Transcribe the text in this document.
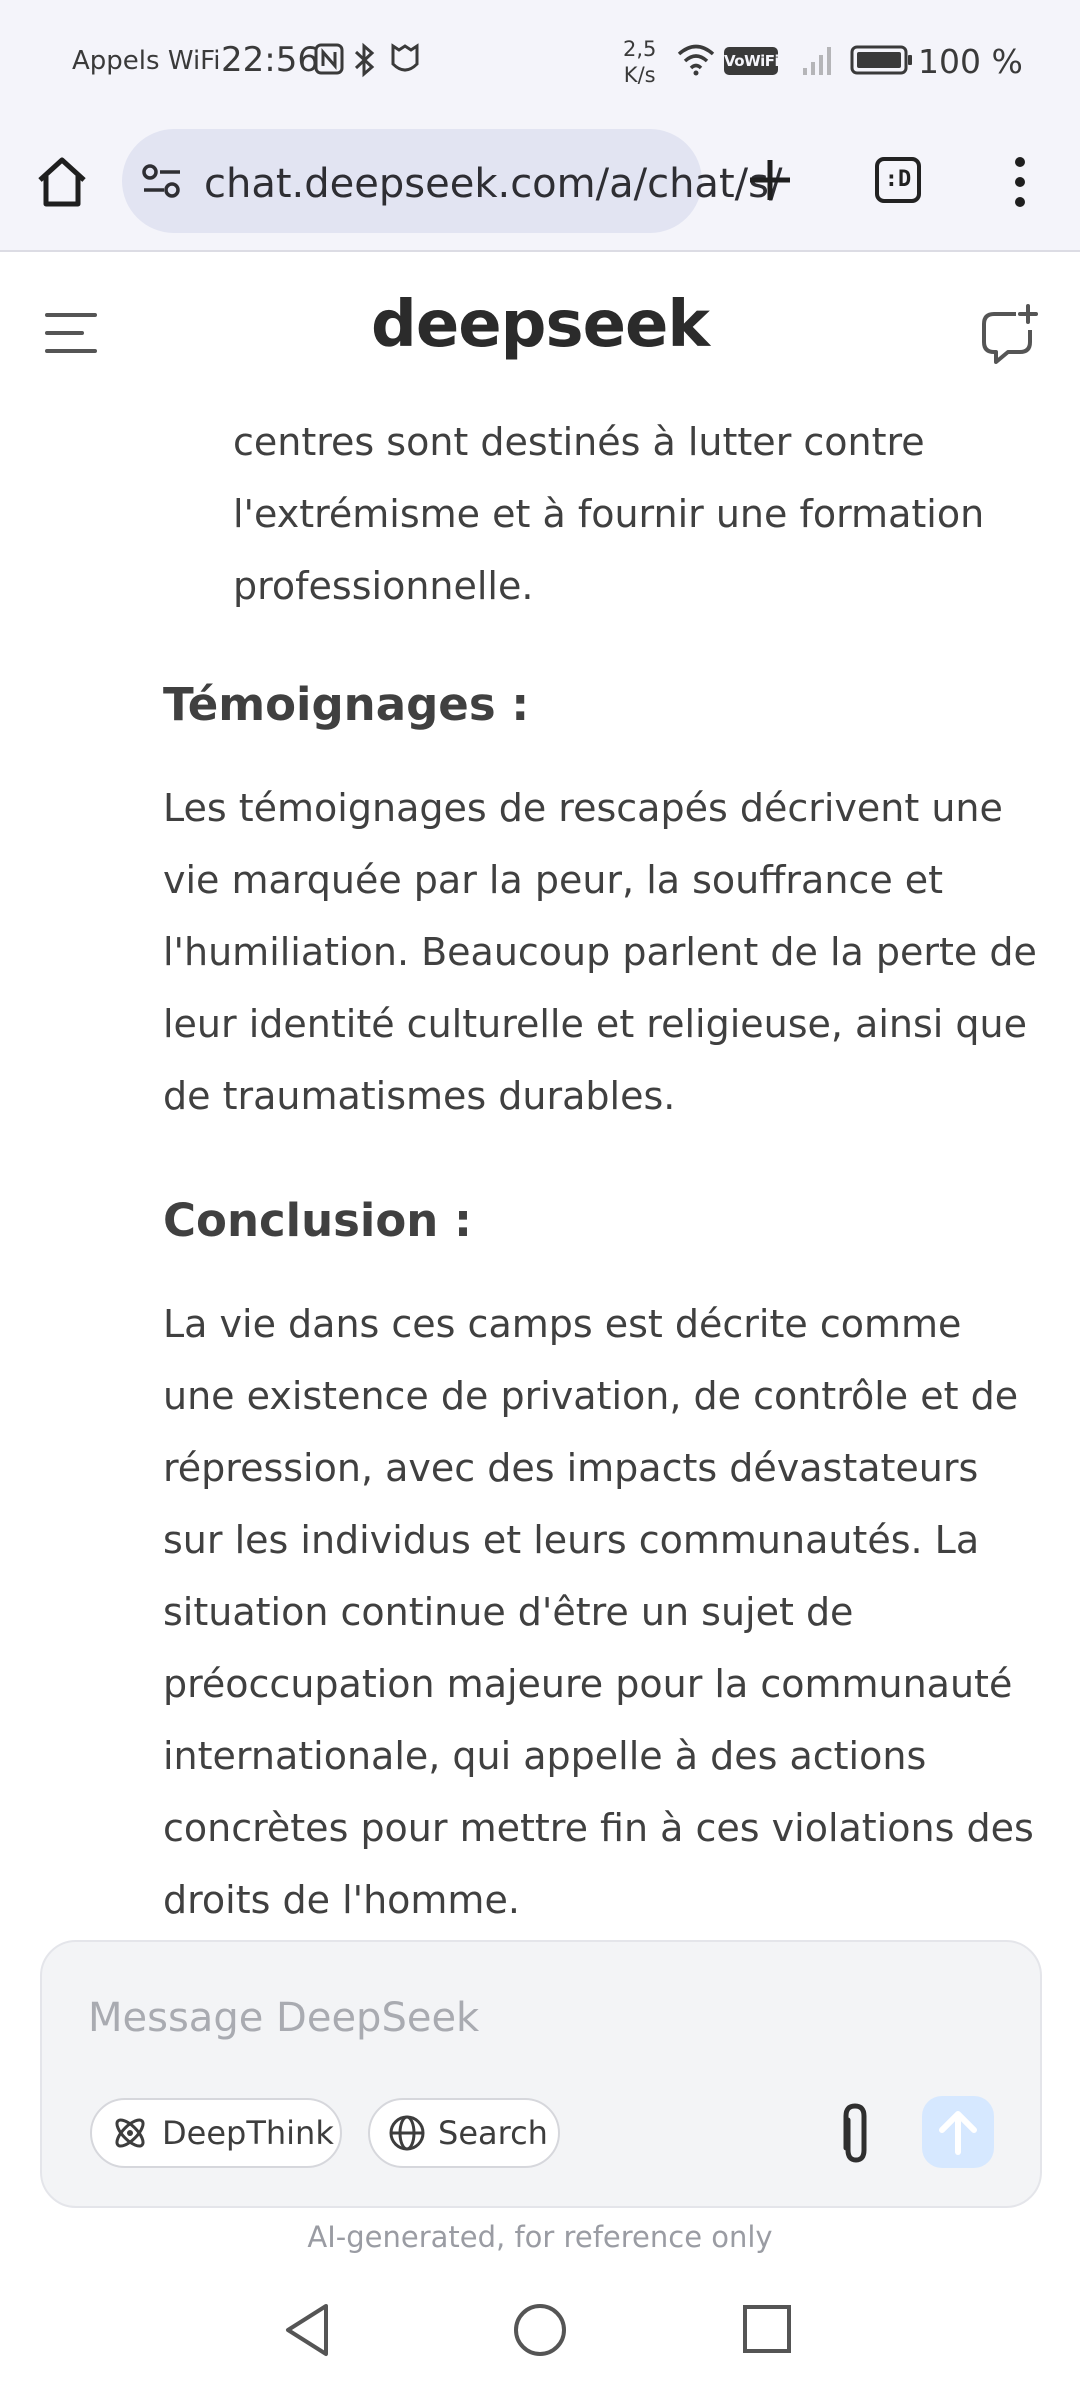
Appels WiFi 22:56	2,5
K/s
VoWiFi	100 %
chat.deepseek.com/a/chat/s/	:D
deepseek
centres sont destinés à lutter contre
l'extrémisme et à fournir une formation
professionnelle.
Témoignages :
Les témoignages de rescapés décrivent une
vie marquée par la peur, la souffrance et
l'humiliation. Beaucoup parlent de la perte de
leur identité culturelle et religieuse, ainsi que
de traumatismes durables.
Conclusion :
La vie dans ces camps est décrite comme
une existence de privation, de contrôle et de
répression, avec des impacts dévastateurs
sur les individus et leurs communautés. La
situation continue d'être un sujet de
préoccupation majeure pour la communauté
internationale, qui appelle à des actions
concrètes pour mettre fin à ces violations des
droits de l'homme.
Message DeepSeek
DeepThink	Search
AI-generated, for reference only
